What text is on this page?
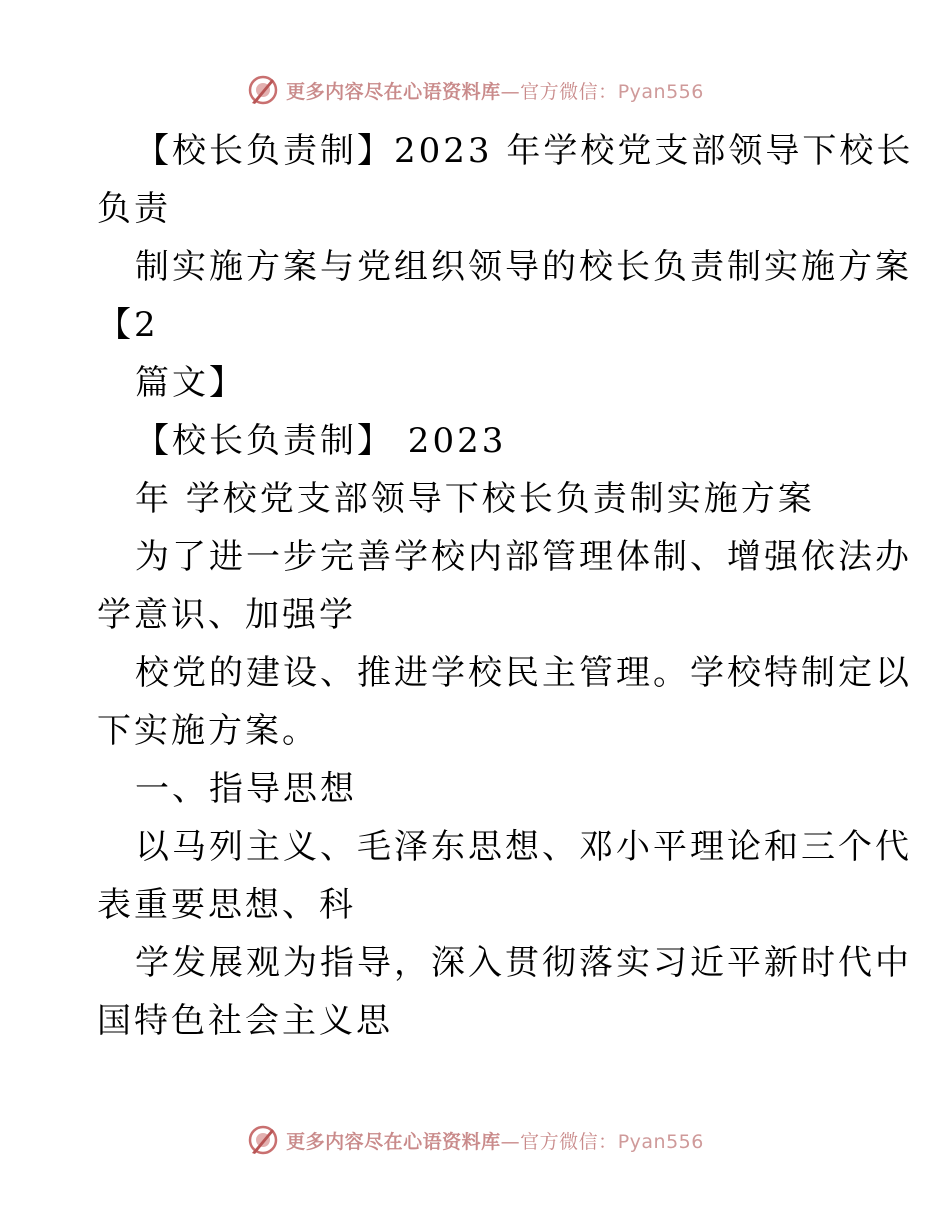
更多内容尽在心语资料库—官方微信：Pyan556
【校长负责制】2023 年学校党支部领导下校长
负责
制实施方案与党组织领导的校长负责制实施方案
【2
篇文】
【校长负责制】 2023
年 学校党支部领导下校长负责制实施方案
为了进一步完善学校内部管理体制、增强依法办
学意识、加强学
校党的建设、推进学校民主管理。学校特制定以
下实施方案。
一、指导思想
以马列主义、毛泽东思想、邓小平理论和三个代
表重要思想、科
学发展观为指导，深入贯彻落实习近平新时代中
国特色社会主义思
更多内容尽在心语资料库—官方微信：Pyan556
